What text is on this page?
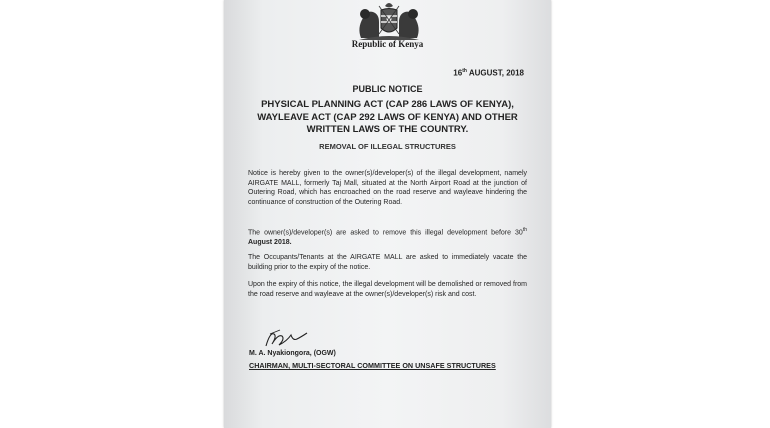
Republic of Kenya
16th AUGUST, 2018
PUBLIC NOTICE
PHYSICAL PLANNING ACT (CAP 286 LAWS OF KENYA),
WAYLEAVE ACT (CAP 292 LAWS OF KENYA) AND OTHER
WRITTEN LAWS OF THE COUNTRY.
REMOVAL OF ILLEGAL STRUCTURES
Notice is hereby given to the owner(s)/developer(s) of the illegal development, namely AIRGATE MALL, formerly Taj Mall, situated at the North Airport Road at the junction of Outering Road, which has encroached on the road reserve and wayleave hindering the continuance of construction of the Outering Road.
The owner(s)/developer(s) are asked to remove this illegal development before 30th August 2018.
The Occupants/Tenants at the AIRGATE MALL are asked to immediately vacate the building prior to the expiry of the notice.
Upon the expiry of this notice, the illegal development will be demolished or removed from the road reserve and wayleave at the owner(s)/developer(s) risk and cost.
M. A. Nyakiongora, (OGW)
CHAIRMAN, MULTI-SECTORAL COMMITTEE ON UNSAFE STRUCTURES
